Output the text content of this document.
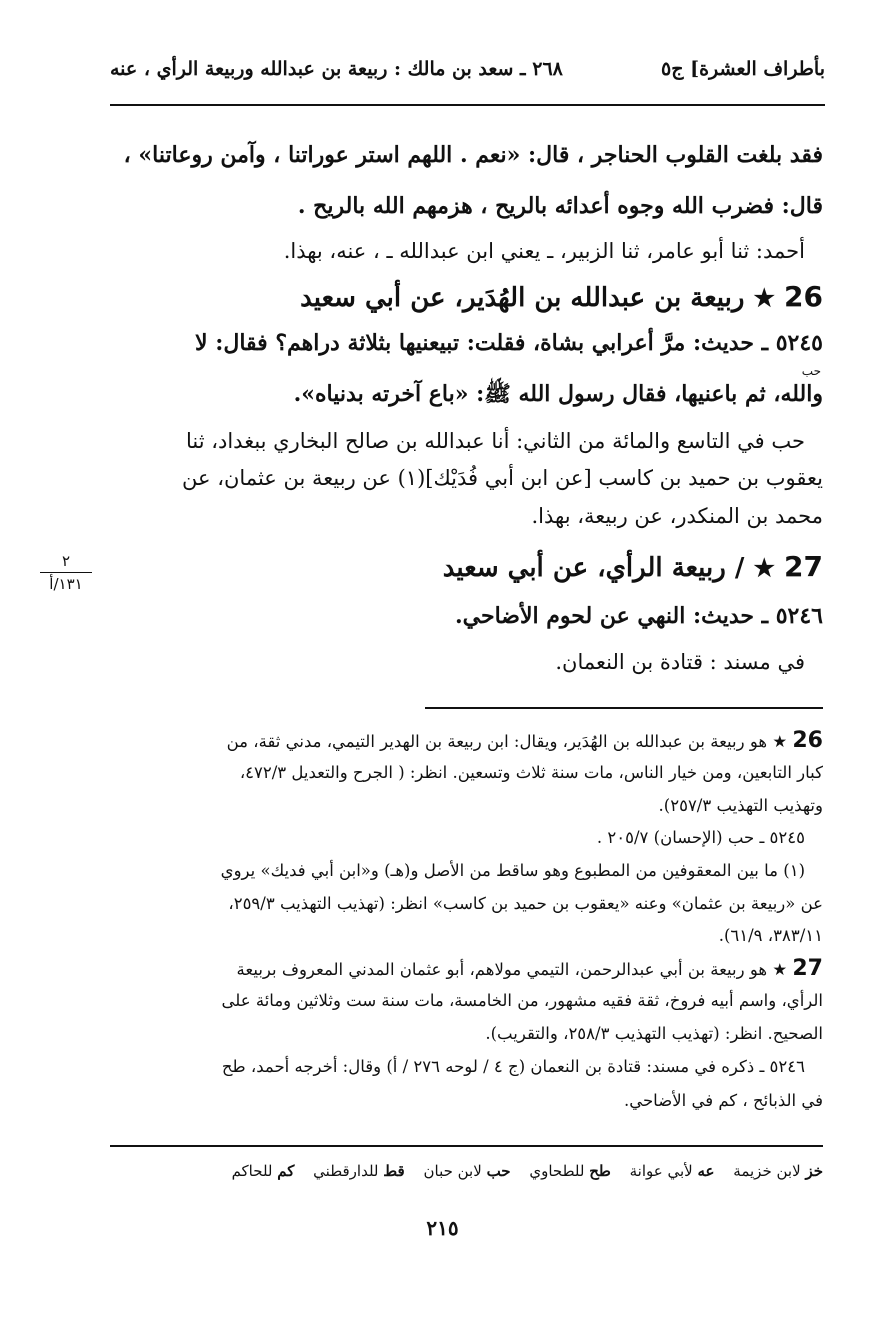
بأطراف العشرة] ج٥
٢٦٨ ـ سعد بن مالك : ربيعة بن عبدالله وربيعة الرأي ، عنه
فقد بلغت القلوب الحناجر ، قال: «نعم . اللهم استر عوراتنا ، وآمن روعاتنا» ،
قال: فضرب الله وجوه أعدائه بالريح ، هزمهم الله بالريح .
أحمد: ثنا أبو عامر، ثنا الزبير، ـ يعني ابن عبدالله ـ ، عنه، بهذا.
26 ★ ربيعة بن عبدالله بن الهُدَير، عن أبي سعيد
٥٢٤٥ ـ حديث: مرَّ أعرابي بشاة، فقلت: تبيعنيها بثلاثة دراهم؟ فقال: لا
حب
والله، ثم باعنيها، فقال رسول الله ﷺ: «باع آخرته بدنياه».
حب في التاسع والمائة من الثاني: أنا عبدالله بن صالح البخاري ببغداد، ثنا
يعقوب بن حميد بن كاسب [عن ابن أبي فُدَيْك](١) عن ربيعة بن عثمان، عن
محمد بن المنكدر، عن ربيعة، بهذا.
27 ★ / ربيعة الرأي، عن أبي سعيد
٢
١٣١/أ
٥٢٤٦ ـ حديث: النهي عن لحوم الأضاحي.
في مسند : قتادة بن النعمان.
26 ★ هو ربيعة بن عبدالله بن الهُدَير، ويقال: ابن ربيعة بن الهدير التيمي، مدني ثقة، من
كبار التابعين، ومن خيار الناس، مات سنة ثلاث وتسعين. انظر: ( الجرح والتعديل ٤٧٢/٣،
وتهذيب التهذيب ٢٥٧/٣).
٥٢٤٥ ـ حب (الإحسان) ٢٠٥/٧ .
(١) ما بين المعقوفين من المطبوع وهو ساقط من الأصل و(هـ) و«ابن أبي فديك» يروي
عن «ربيعة بن عثمان» وعنه «يعقوب بن حميد بن كاسب» انظر: (تهذيب التهذيب ٢٥٩/٣،
٣٨٣/١١، ٦١/٩).
27 ★ هو ربيعة بن أبي عبدالرحمن، التيمي مولاهم، أبو عثمان المدني المعروف بربيعة
الرأي، واسم أبيه فروخ، ثقة فقيه مشهور، من الخامسة، مات سنة ست وثلاثين ومائة على
الصحيح. انظر: (تهذيب التهذيب ٢٥٨/٣، والتقريب).
٥٢٤٦ ـ ذكره في مسند: قتادة بن النعمان (ج ٤ / لوحه ٢٧٦ / أ) وقال: أخرجه أحمد، طح
في الذبائح ، كم في الأضاحي.
خز لابن خزيمة عه لأبي عوانة طح للطحاوي حب لابن حبان قط للدارقطني كم للحاكم
٢١٥
